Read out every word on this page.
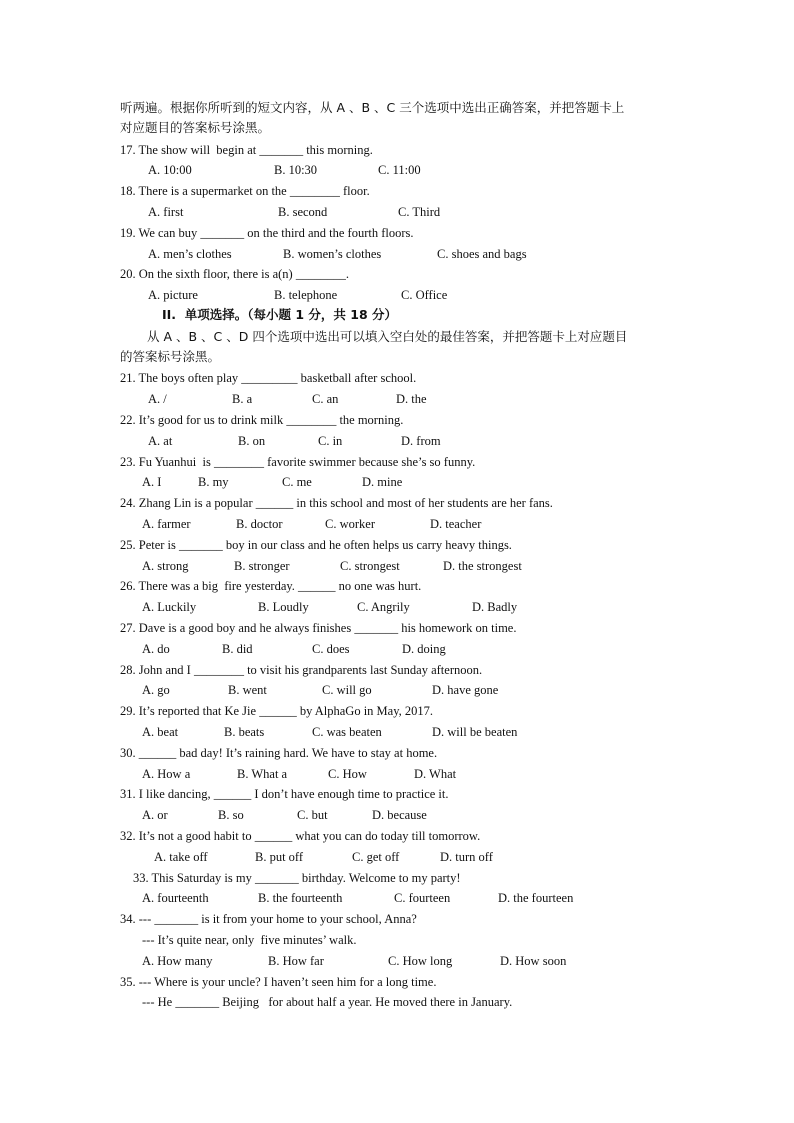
听两遍。根据你所听到的短文内容，从 A 、B 、C 三个选项中选出正确答案，并把答题卡上
对应题目的答案标号涂黑。
17. The show will  begin at _______ this morning.
A. 10:00	B. 10:30	C. 11:00
18. There is a supermarket on the ________ floor.
A. first	B. second	C. Third
19. We can buy _______ on the third and the fourth floors.
A. men’s clothes	B. women’s clothes	C. shoes and bags
20. On the sixth floor, there is a(n) ________.
A. picture	B. telephone	C. Office
II.  单项选择。（每小题 1 分，共 18 分）
从 A 、B 、C 、D 四个选项中选出可以填入空白处的最佳答案，并把答题卡上对应题目
的答案标号涂黑。
21. The boys often play _________ basketball after school.
A. /	B. a	C. an	D. the
22. It’s good for us to drink milk ________ the morning.
A. at	B. on	C. in	D. from
23. Fu Yuanhui  is ________ favorite swimmer because she’s so funny.
A. I	B. my	C. me	D. mine
24. Zhang Lin is a popular ______ in this school and most of her students are her fans.
A. farmer	B. doctor	C. worker	D. teacher
25. Peter is _______ boy in our class and he often helps us carry heavy things.
A. strong	B. stronger	C. strongest	D. the strongest
26. There was a big  fire yesterday. ______ no one was hurt.
A. Luckily	B. Loudly	C. Angrily	D. Badly
27. Dave is a good boy and he always finishes _______ his homework on time.
A. do	B. did	C. does	D. doing
28. John and I ________ to visit his grandparents last Sunday afternoon.
A. go	B. went	C. will go	D. have gone
29. It’s reported that Ke Jie ______ by AlphaGo in May, 2017.
A. beat	B. beats	C. was beaten	D. will be beaten
30. ______ bad day! It’s raining hard. We have to stay at home.
A. How a	B. What a	C. How	D. What
31. I like dancing, ______ I don’t have enough time to practice it.
A. or	B. so	C. but	D. because
32. It’s not a good habit to ______ what you can do today till tomorrow.
A. take off	B. put off	C. get off	D. turn off
33. This Saturday is my _______ birthday. Welcome to my party!
A. fourteenth	B. the fourteenth	C. fourteen	D. the fourteen
34. --- _______ is it from your home to your school, Anna?
--- It’s quite near, only  five minutes’ walk.
A. How many	B. How far	C. How long	D. How soon
35. --- Where is your uncle? I haven’t seen him for a long time.
--- He _______ Beijing   for about half a year. He moved there in January.
